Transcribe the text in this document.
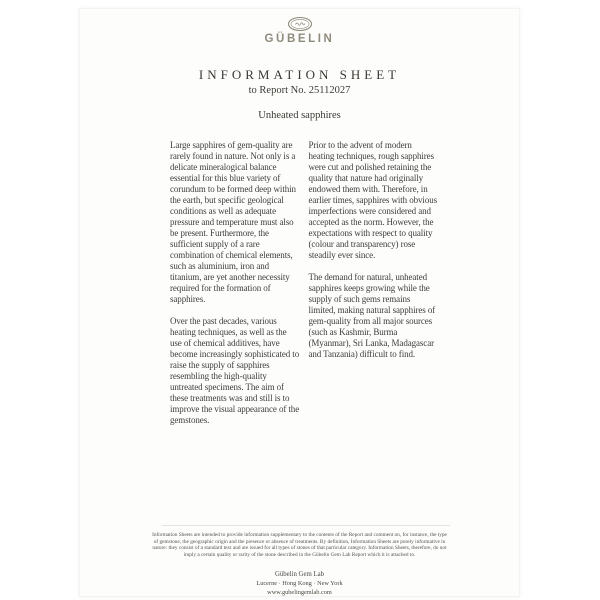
GÜBELIN
INFORMATION SHEET
to Report No. 25112027
Unheated sapphires

Large sapphires of gem-quality are rarely found in nature. Not only is a delicate mineralogical balance essential for this blue variety of corundum to be formed deep within the earth, but specific geological conditions as well as adequate pressure and temperature must also be present. Furthermore, the sufficient supply of a rare combination of chemical elements, such as aluminium, iron and titanium, are yet another necessity required for the formation of sapphires.

Over the past decades, various heating techniques, as well as the use of chemical additives, have become increasingly sophisticated to raise the supply of sapphires resembling the high-quality untreated specimens. The aim of these treatments was and still is to improve the visual appearance of the gemstones.

Prior to the advent of modern heating techniques, rough sapphires were cut and polished retaining the quality that nature had originally endowed them with. Therefore, in earlier times, sapphires with obvious imperfections were considered and accepted as the norm. However, the expectations with respect to quality (colour and transparency) rose steadily ever since.

The demand for natural, unheated sapphires keeps growing while the supply of such gems remains limited, making natural sapphires of gem-quality from all major sources (such as Kashmir, Burma (Myanmar), Sri Lanka, Madagascar and Tanzania) difficult to find.

Information Sheets are intended to provide information supplementary to the contents of the Report and comment on, for instance, the type of gemstone, the geographic origin and the presence or absence of treatments. By definition, Information Sheets are purely informative in nature: they consist of a standard text and are issued for all types of stones of that particular category. Information Sheets, therefore, do not imply a certain quality or rarity of the stone described in the Gübelin Gem Lab Report which it is attached to.

Gübelin Gem Lab
Lucerne · Hong Kong · New York
www.gubelingemlab.com
